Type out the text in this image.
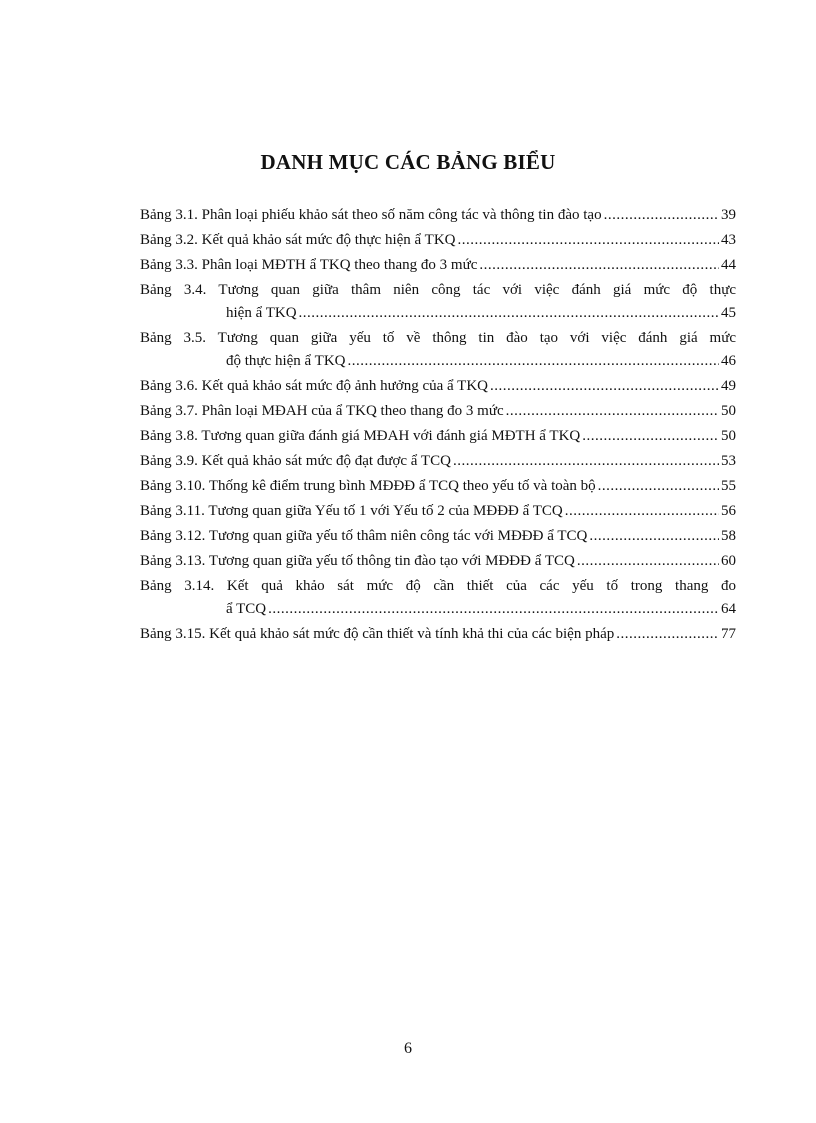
DANH MỤC CÁC BẢNG BIỂU
Bảng 3.1. Phân loại phiếu khảo sát theo số năm công tác và thông tin đào tạo .....	39
Bảng 3.2. Kết quả khảo sát mức độ thực hiện ẩ TKQ .....	43
Bảng 3.3. Phân loại MĐTH ẩ TKQ theo thang đo 3 mức .....	44
Bảng 3.4. Tương quan giữa thâm niên công tác với việc đánh giá mức độ thực
hiện ẩ TKQ .....	45
Bảng 3.5. Tương quan giữa yếu tố về thông tin đào tạo với việc đánh giá mức
độ thực hiện ẩ TKQ .....	46
Bảng 3.6. Kết quả khảo sát mức độ ảnh hưởng của ẩ TKQ .....	49
Bảng 3.7. Phân loại MĐAH của ẩ TKQ theo thang đo 3 mức .....	50
Bảng 3.8. Tương quan giữa đánh giá MĐAH với đánh giá MĐTH ẩ TKQ .....	50
Bảng 3.9. Kết quả khảo sát mức độ đạt được ẩ TCQ .....	53
Bảng 3.10. Thống kê điểm trung bình MĐĐĐ ẩ TCQ theo yếu tố và toàn bộ .....	55
Bảng 3.11. Tương quan giữa Yếu tố 1 với Yếu tố 2 của MĐĐĐ ẩ TCQ .....	56
Bảng 3.12. Tương quan giữa yếu tố thâm niên công tác với MĐĐĐ ẩ TCQ .....	58
Bảng 3.13. Tương quan giữa yếu tố thông tin đào tạo với MĐĐĐ ẩ TCQ .....	60
Bảng 3.14. Kết quả khảo sát mức độ cần thiết của các yếu tố trong thang đo
ẩ TCQ .....	64
Bảng 3.15. Kết quả khảo sát mức độ cần thiết và tính khả thi của các biện pháp .....	77
6
